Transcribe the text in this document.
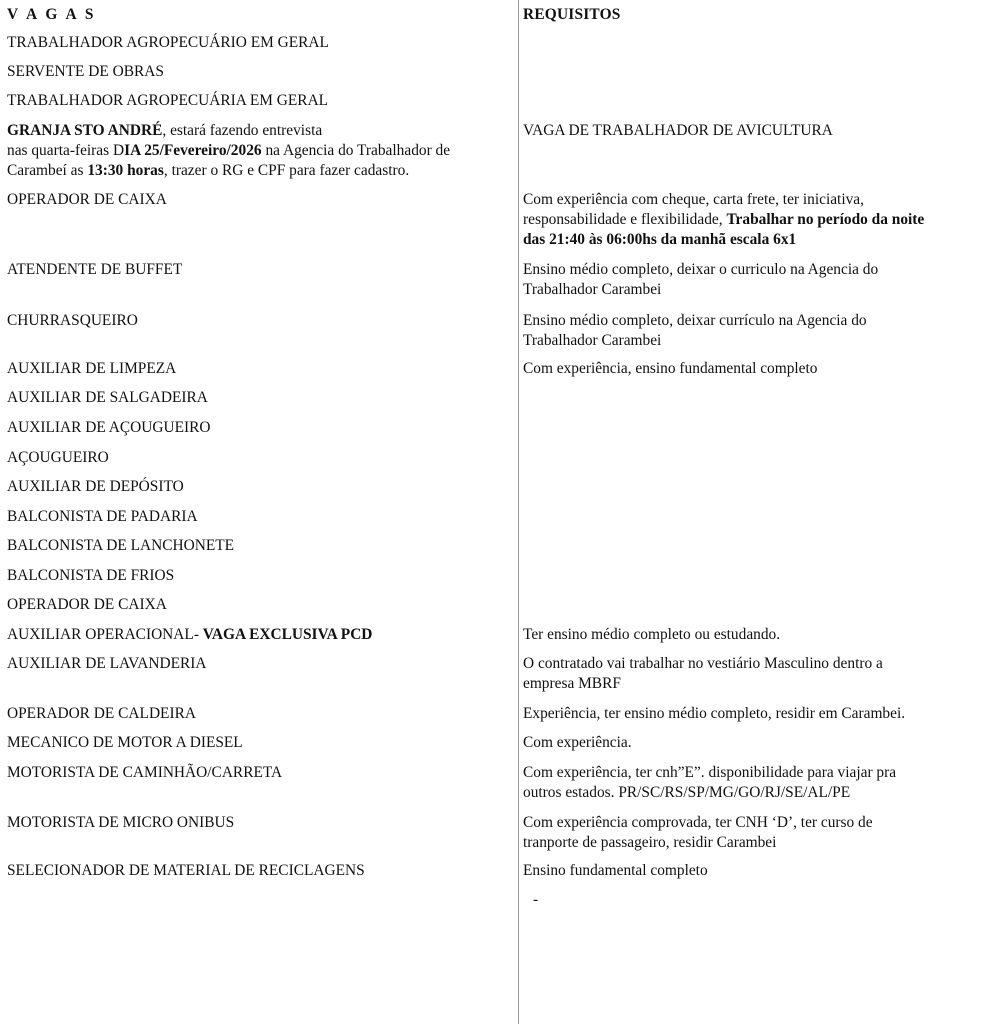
V A G A S	REQUISITOS
TRABALHADOR AGROPECUÁRIO EM GERAL
SERVENTE DE OBRAS
TRABALHADOR AGROPECUÁRIA EM GERAL
GRANJA STO ANDRÉ, estará fazendo entrevista
nas quarta-feiras DIA 25/Fevereiro/2026 na Agencia do Trabalhador de
Carambeí as 13:30 horas, trazer o RG e CPF para fazer cadastro.
OPERADOR DE CAIXA
ATENDENTE DE BUFFET
CHURRASQUEIRO
AUXILIAR DE LIMPEZA
AUXILIAR DE SALGADEIRA
AUXILIAR DE AÇOUGUEIRO
AÇOUGUEIRO
AUXILIAR DE DEPÓSITO
BALCONISTA DE PADARIA
BALCONISTA DE LANCHONETE
BALCONISTA DE FRIOS
OPERADOR DE CAIXA
AUXILIAR OPERACIONAL- VAGA EXCLUSIVA PCD
AUXILIAR DE LAVANDERIA
OPERADOR DE CALDEIRA
MECANICO DE MOTOR A DIESEL
MOTORISTA DE CAMINHÃO/CARRETA
MOTORISTA DE MICRO ONIBUS
SELECIONADOR DE MATERIAL DE RECICLAGENS
VAGA DE TRABALHADOR DE AVICULTURA
Com experiência com cheque, carta frete, ter iniciativa,
responsabilidade e flexibilidade, Trabalhar no período da noite
das 21:40 às 06:00hs da manhã escala 6x1
Ensino médio completo, deixar o curriculo na Agencia do
Trabalhador Carambei
Ensino médio completo, deixar currículo na Agencia do
Trabalhador Carambei
Com experiência, ensino fundamental completo
Ter ensino médio completo ou estudando.
O contratado vai trabalhar no vestiário Masculino dentro a
empresa MBRF
Experiência, ter ensino médio completo, residir em Carambei.
Com experiência.
Com experiência, ter cnh”E”. disponibilidade para viajar pra
outros estados. PR/SC/RS/SP/MG/GO/RJ/SE/AL/PE
Com experiência comprovada, ter CNH ‘D’, ter curso de
tranporte de passageiro, residir Carambei
Ensino fundamental completo
-
